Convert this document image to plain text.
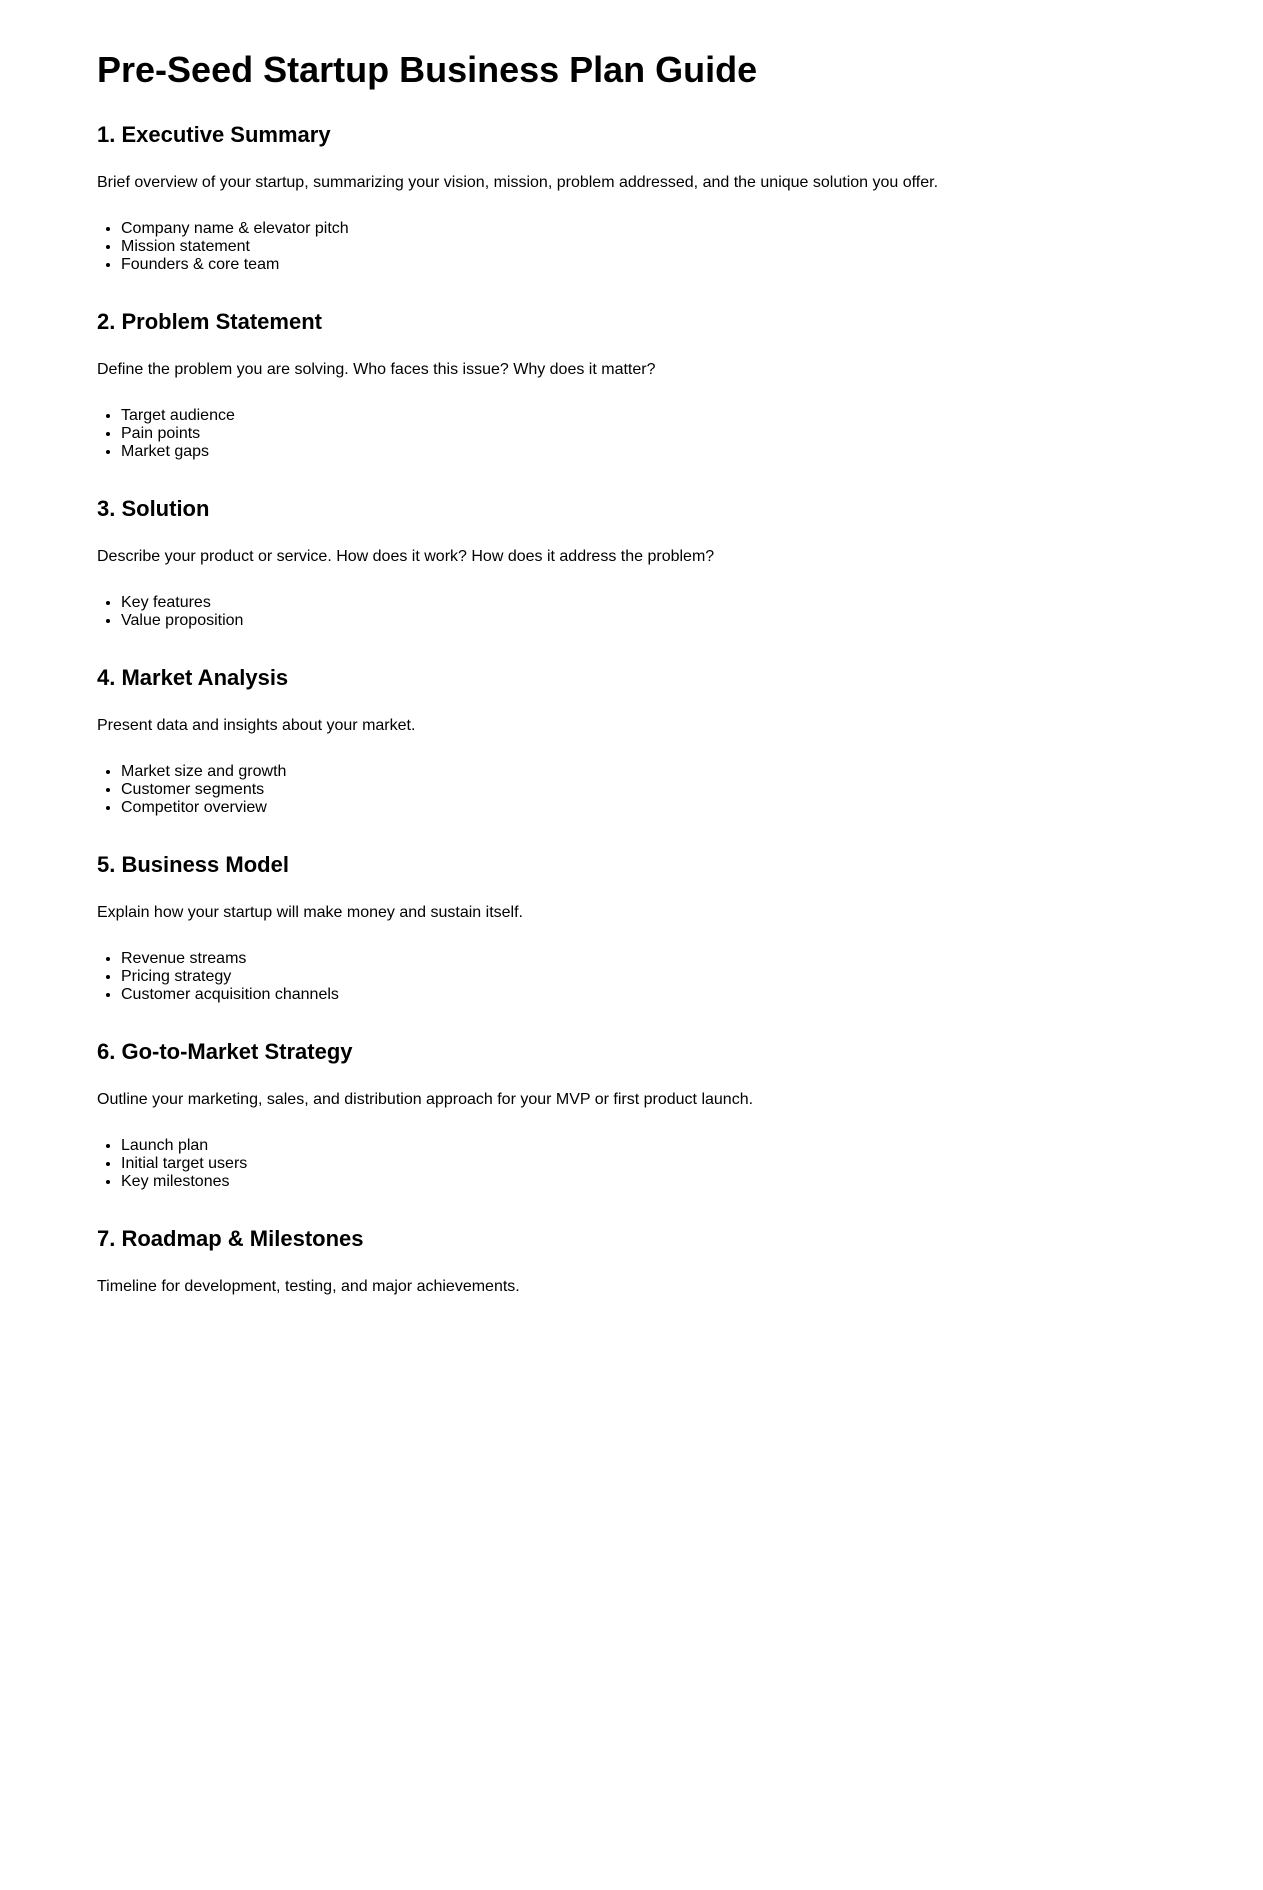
Pre-Seed Startup Business Plan Guide
1. Executive Summary

Brief overview of your startup, summarizing your vision, mission, problem addressed, and the unique solution you offer.

• Company name & elevator pitch
• Mission statement
• Founders & core team
2. Problem Statement

Define the problem you are solving. Who faces this issue? Why does it matter?

• Target audience
• Pain points
• Market gaps
3. Solution

Describe your product or service. How does it work? How does it address the problem?

• Key features
• Value proposition
4. Market Analysis

Present data and insights about your market.

• Market size and growth
• Customer segments
• Competitor overview
5. Business Model

Explain how your startup will make money and sustain itself.

• Revenue streams
• Pricing strategy
• Customer acquisition channels
6. Go-to-Market Strategy

Outline your marketing, sales, and distribution approach for your MVP or first product launch.

• Launch plan
• Initial target users
• Key milestones
7. Roadmap & Milestones

Timeline for development, testing, and major achievements.
